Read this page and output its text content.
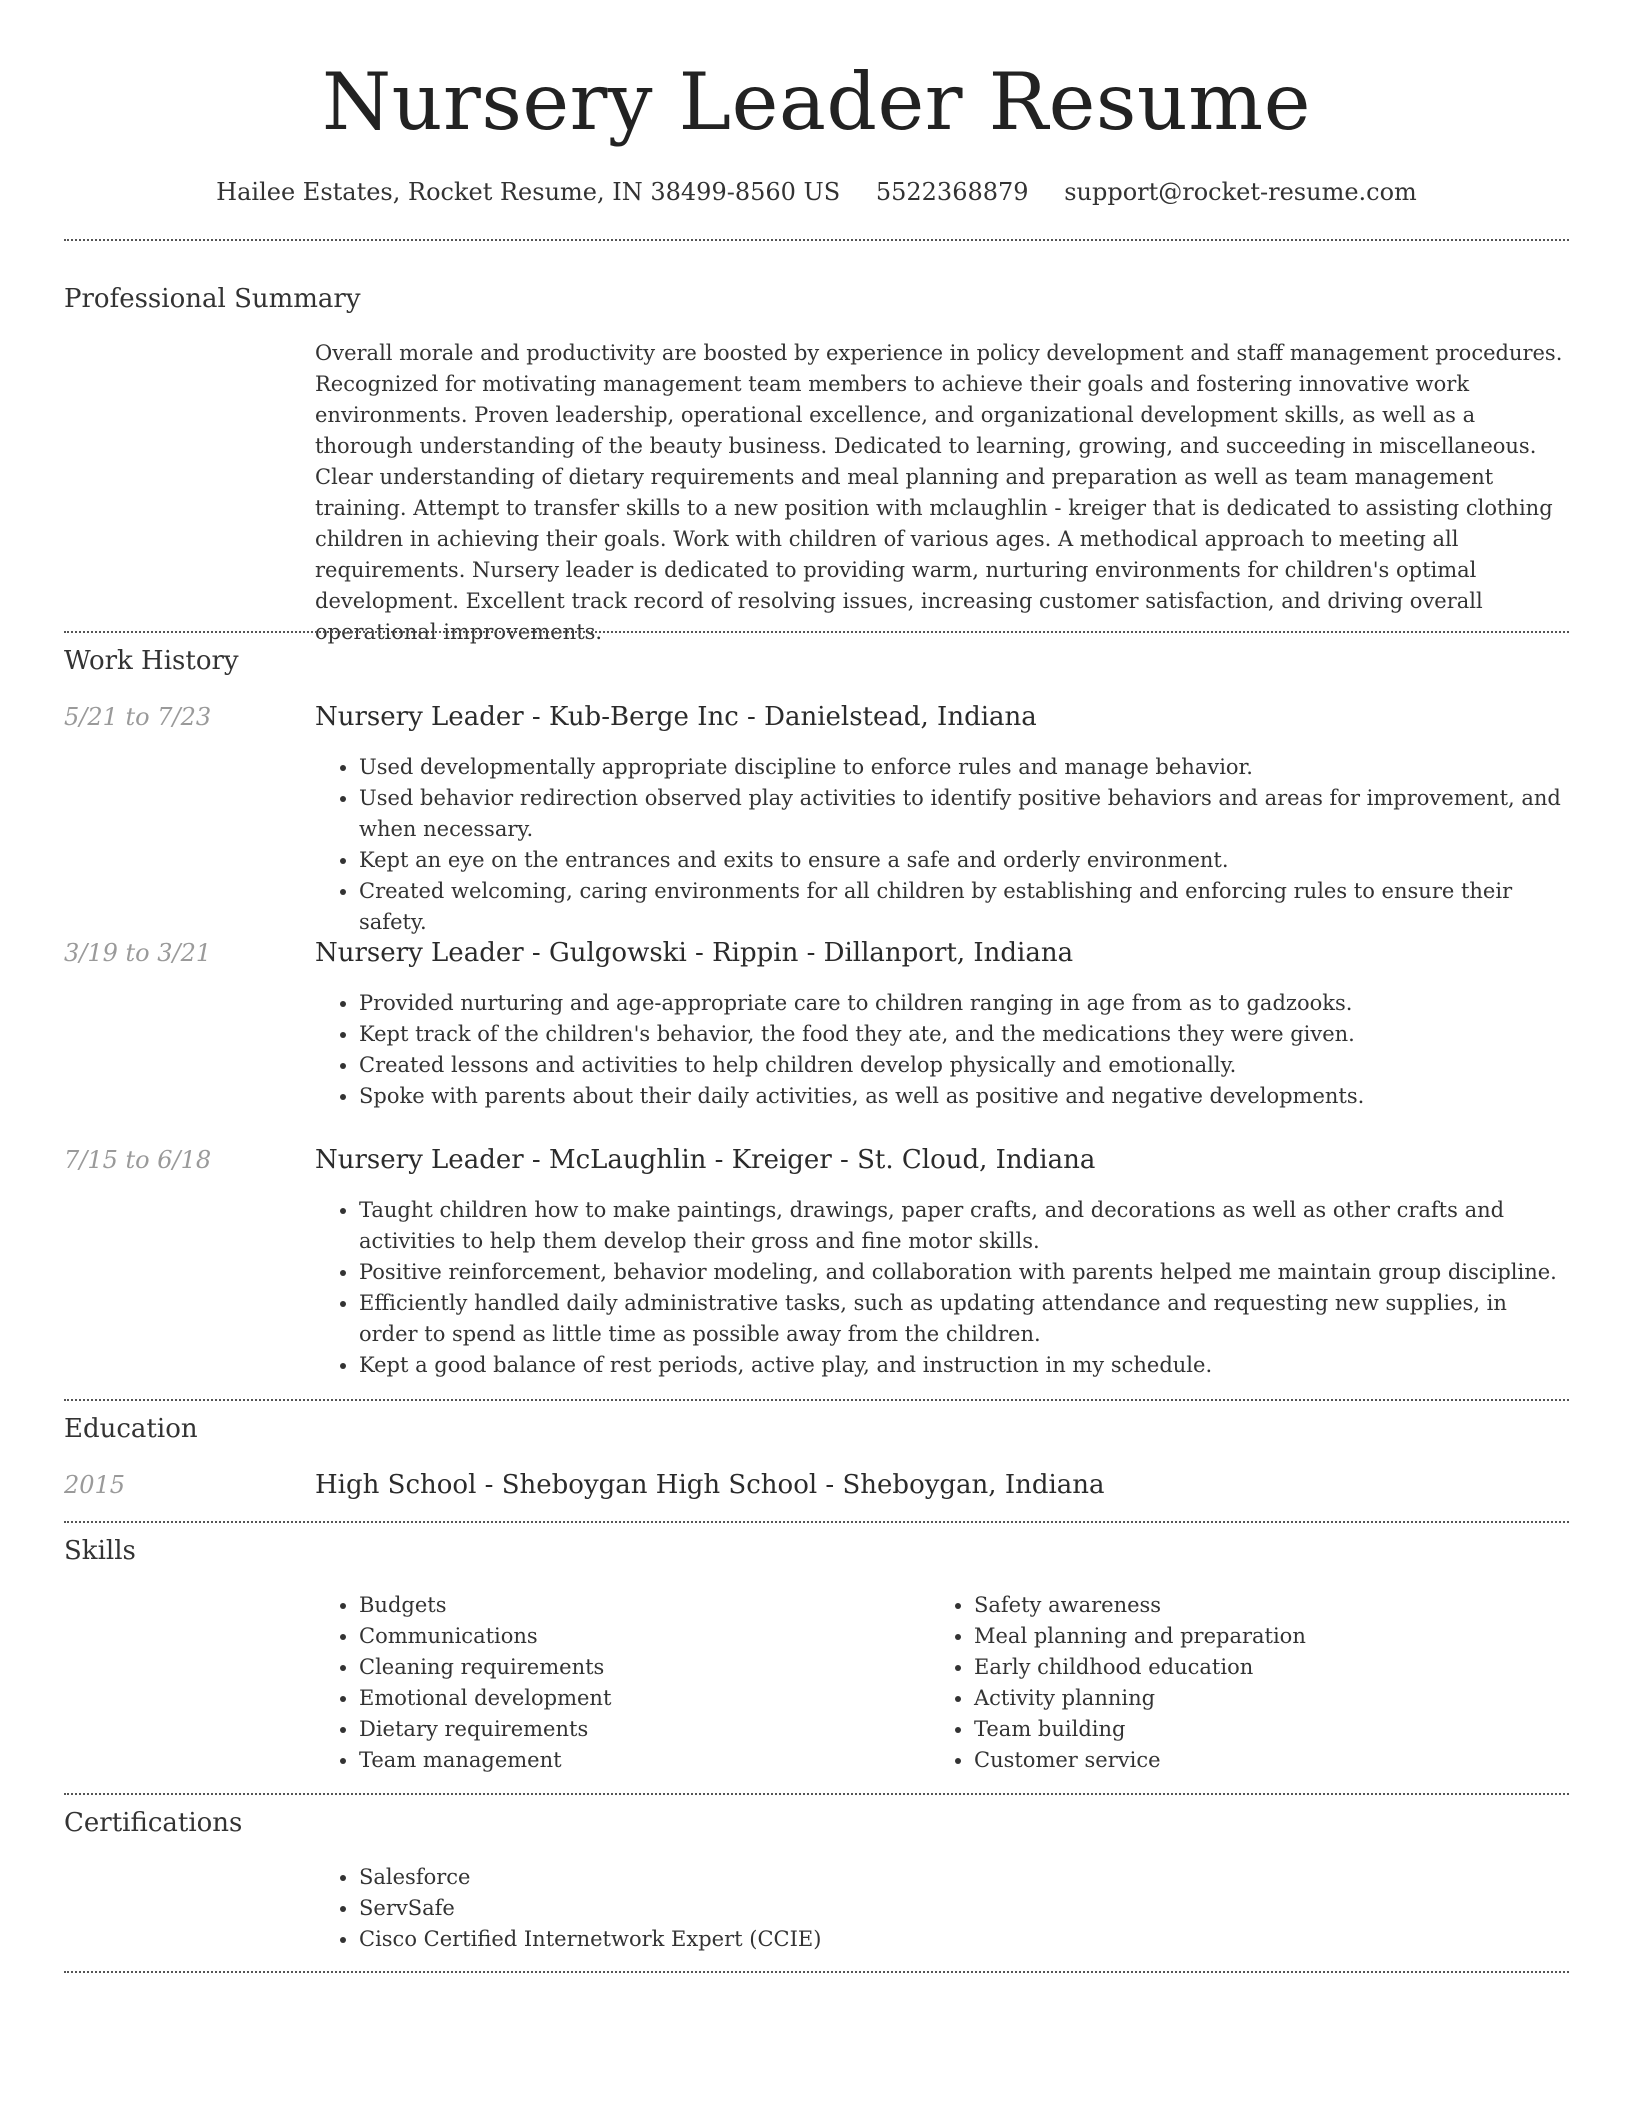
Nursery Leader Resume
Hailee Estates, Rocket Resume, IN 38499-8560 US 5522368879 support@rocket-resume.com
Professional Summary
Overall morale and productivity are boosted by experience in policy development and staff management procedures. Recognized for motivating management team members to achieve their goals and fostering innovative work environments. Proven leadership, operational excellence, and organizational development skills, as well as a thorough understanding of the beauty business. Dedicated to learning, growing, and succeeding in miscellaneous. Clear understanding of dietary requirements and meal planning and preparation as well as team management training. Attempt to transfer skills to a new position with mclaughlin - kreiger that is dedicated to assisting clothing children in achieving their goals. Work with children of various ages. A methodical approach to meeting all requirements. Nursery leader is dedicated to providing warm, nurturing environments for children's optimal development. Excellent track record of resolving issues, increasing customer satisfaction, and driving overall operational improvements.
Work History
5/21 to 7/23	Nursery Leader - Kub-Berge Inc - Danielstead, Indiana
• Used developmentally appropriate discipline to enforce rules and manage behavior.
• Used behavior redirection observed play activities to identify positive behaviors and areas for improvement, and when necessary.
• Kept an eye on the entrances and exits to ensure a safe and orderly environment.
• Created welcoming, caring environments for all children by establishing and enforcing rules to ensure their safety.
3/19 to 3/21	Nursery Leader - Gulgowski - Rippin - Dillanport, Indiana
• Provided nurturing and age-appropriate care to children ranging in age from as to gadzooks.
• Kept track of the children's behavior, the food they ate, and the medications they were given.
• Created lessons and activities to help children develop physically and emotionally.
• Spoke with parents about their daily activities, as well as positive and negative developments.
7/15 to 6/18	Nursery Leader - McLaughlin - Kreiger - St. Cloud, Indiana
• Taught children how to make paintings, drawings, paper crafts, and decorations as well as other crafts and activities to help them develop their gross and fine motor skills.
• Positive reinforcement, behavior modeling, and collaboration with parents helped me maintain group discipline.
• Efficiently handled daily administrative tasks, such as updating attendance and requesting new supplies, in order to spend as little time as possible away from the children.
• Kept a good balance of rest periods, active play, and instruction in my schedule.
Education
2015	High School - Sheboygan High School - Sheboygan, Indiana
Skills
• Budgets
• Communications
• Cleaning requirements
• Emotional development
• Dietary requirements
• Team management
• Safety awareness
• Meal planning and preparation
• Early childhood education
• Activity planning
• Team building
• Customer service
Certifications
• Salesforce
• ServSafe
• Cisco Certified Internetwork Expert (CCIE)
